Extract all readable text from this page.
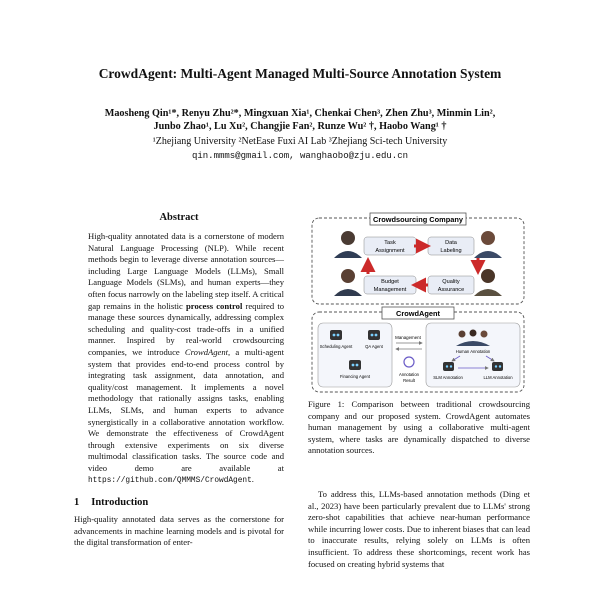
CrowdAgent: Multi-Agent Managed Multi-Source Annotation System
Maosheng Qin¹*, Renyu Zhu²*, Mingxuan Xia¹, Chenkai Chen³, Zhen Zhu³, Minmin Lin²,
Junbo Zhao¹, Lu Xu², Changjie Fan², Runze Wu² †, Haobo Wang¹ †
¹Zhejiang University ²NetEase Fuxi AI Lab ³Zhejiang Sci-tech University
qin.mmms@gmail.com, wanghaobo@zju.edu.cn
Abstract

High-quality annotated data is a cornerstone of modern Natural Language Processing (NLP). While recent methods begin to leverage diverse annotation sources—including Large Language Models (LLMs), Small Language Models (SLMs), and human experts—they often focus narrowly on the labeling step itself. A critical gap remains in the holistic process control required to manage these sources dynamically, addressing complex scheduling and quality-cost trade-offs in a unified manner. Inspired by real-world crowdsourcing companies, we introduce CrowdAgent, a multi-agent system that provides end-to-end process control by integrating task assignment, data annotation, and quality/cost management. It implements a novel methodology that rationally assigns tasks, enabling LLMs, SLMs, and human experts to advance synergistically in a collaborative annotation workflow. We demonstrate the effectiveness of CrowdAgent through extensive experiments on six diverse multimodal classification tasks. The source code and video demo are available at https://github.com/QMMMS/CrowdAgent.

1 Introduction
High-quality annotated data serves as the cornerstone for advancements in machine learning models and is pivotal for the digital transformation of enter-
Crowdsourcing Company
Task
Assignment
Data
Labeling
Budget
Management
Quality
Assurance
CrowdAgent
Scheduling Agent	QA Agent
Financing Agent
Management
Annotation
Result
Human Annotation
SLM Annotation	LLM Annotation
Figure 1: Comparison between traditional crowdsourcing company and our proposed system. CrowdAgent automates human management by using a collaborative multi-agent system, where tasks are dynamically dispatched to diverse annotation sources.
To address this, LLMs-based annotation methods (Ding et al., 2023) have been particularly prevalent due to LLMs' strong zero-shot capabilities that achieve near-human performance while incurring lower costs. Due to inherent biases that can lead to inaccurate results, relying solely on LLMs is often insufficient. To address these shortcomings, recent work has focused on creating hybrid systems that
